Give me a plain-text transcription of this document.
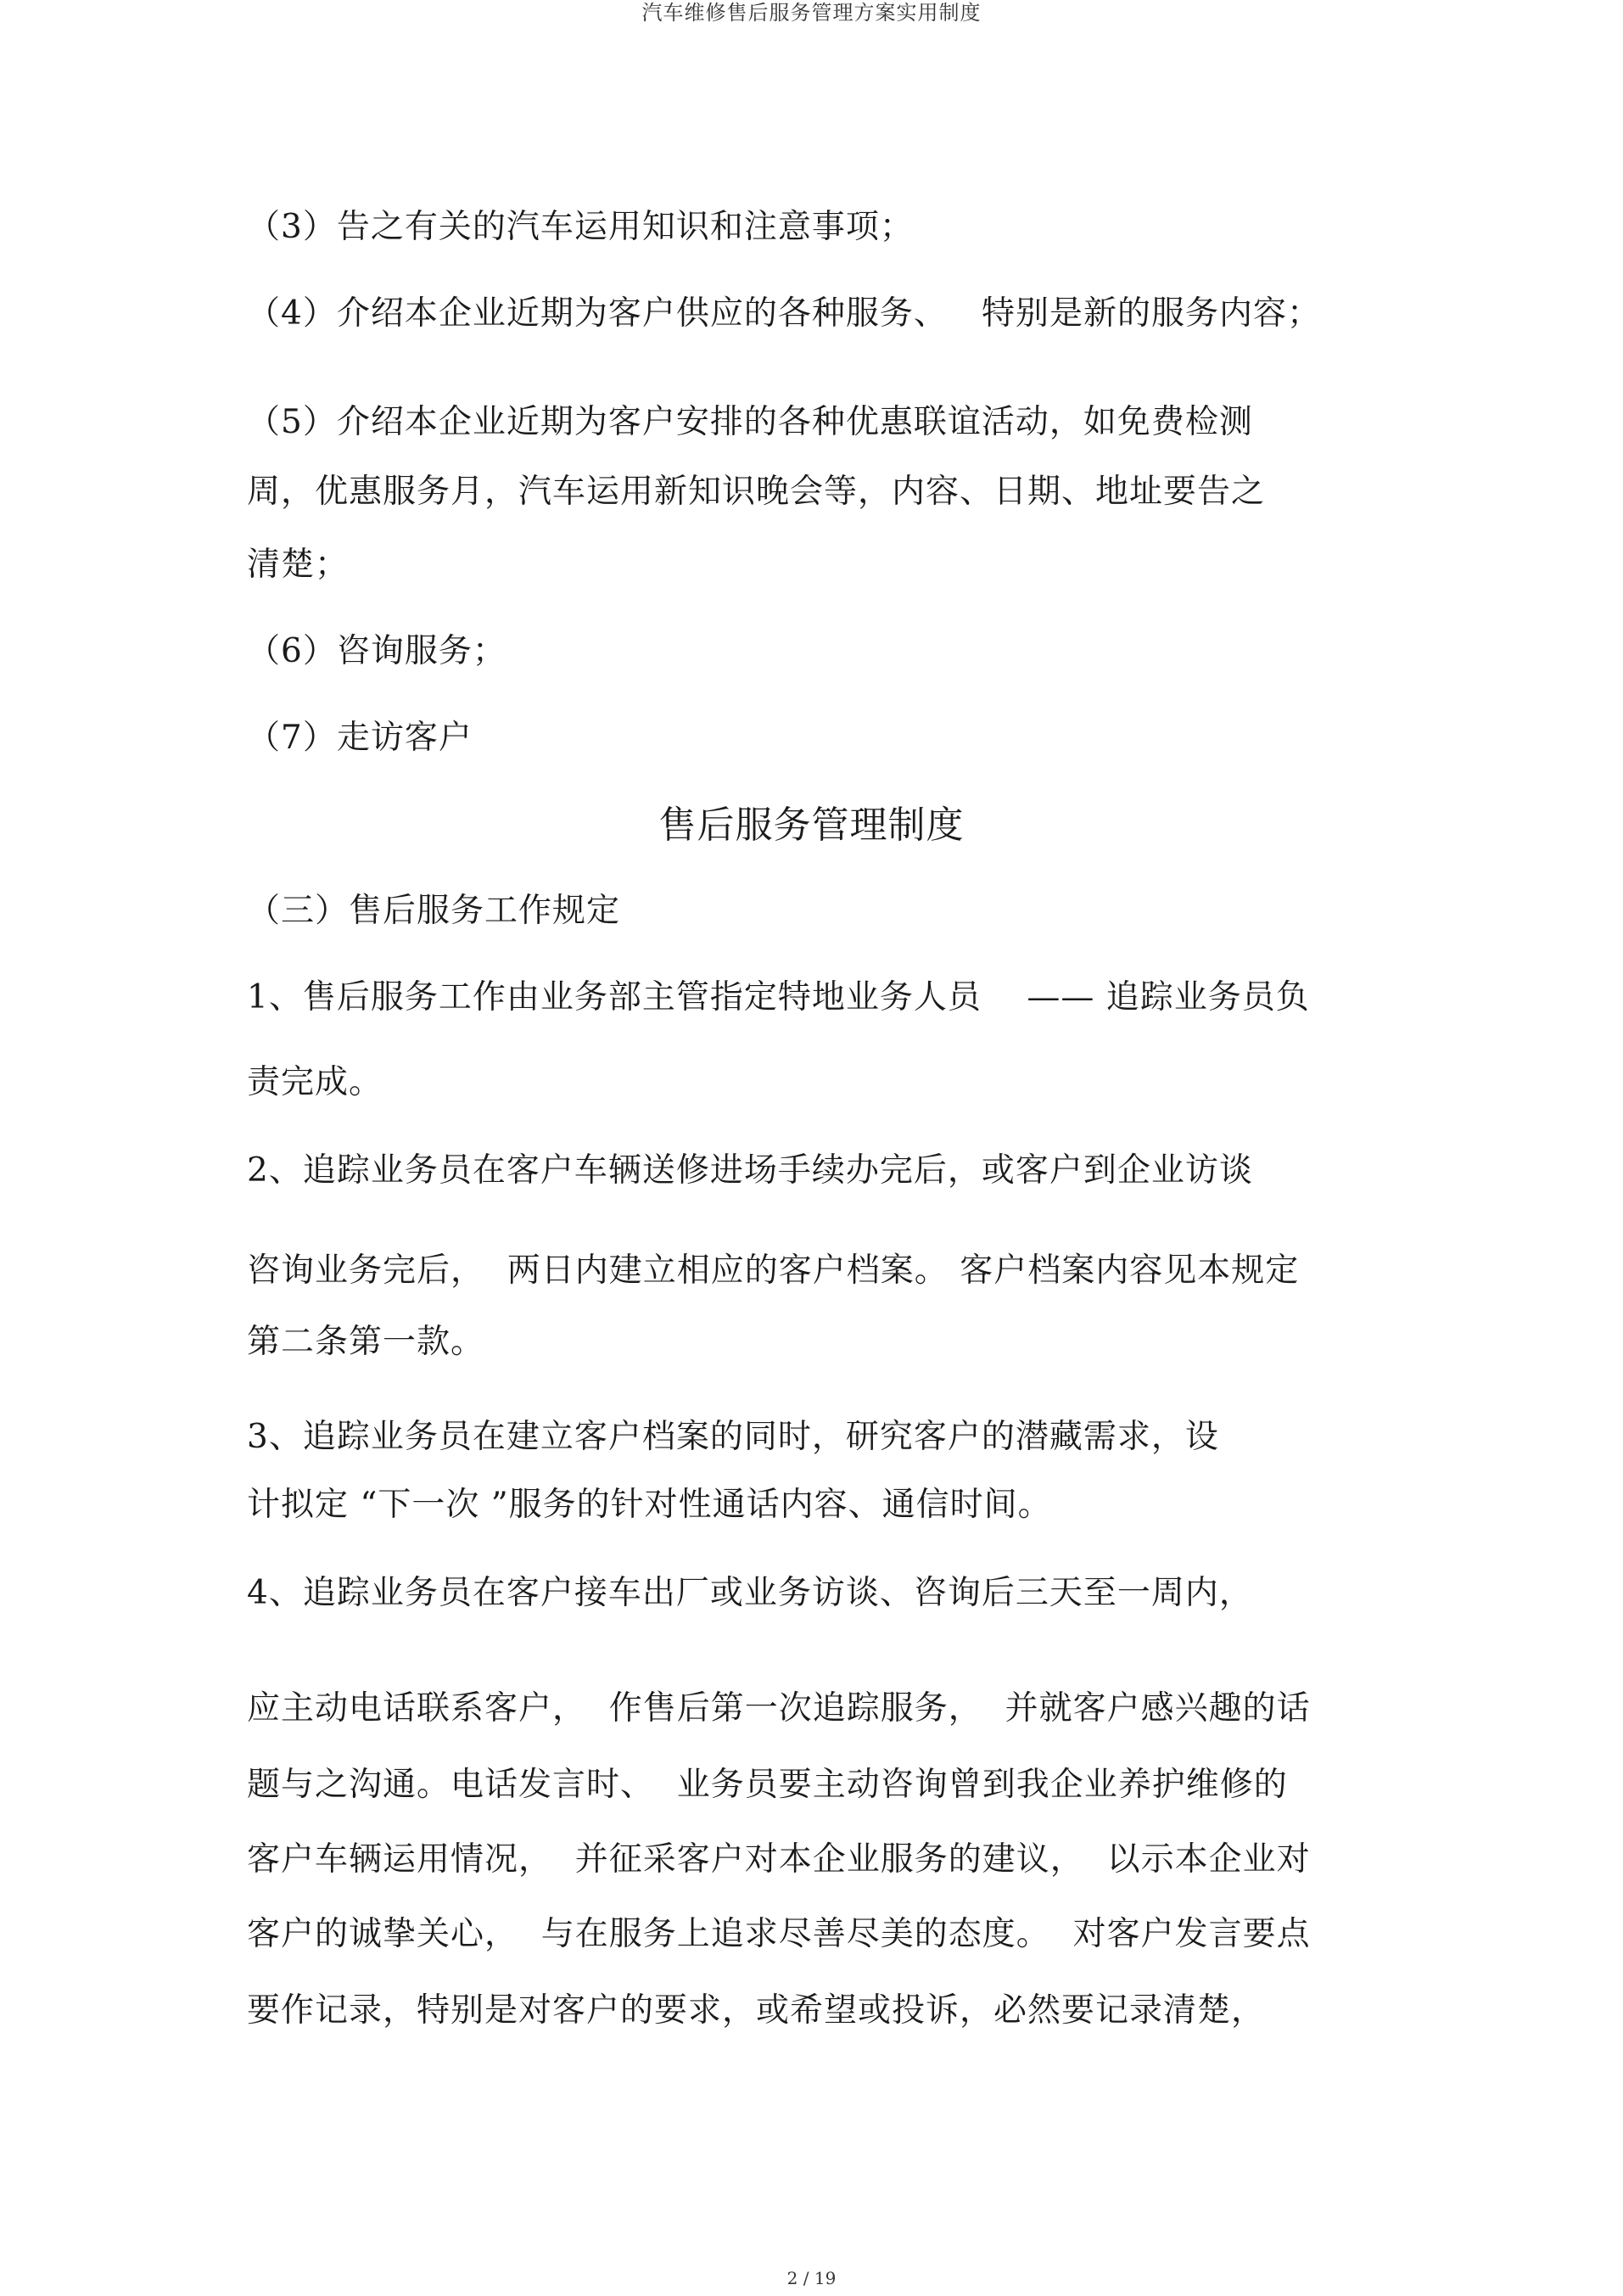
汽车维修售后服务管理方案实用制度
（3）告之有关的汽车运用知识和注意事项；
（4）介绍本企业近期为客户供应的各种服务、   特别是新的服务内容；
（5）介绍本企业近期为客户安排的各种优惠联谊活动，如免费检测
周，优惠服务月，汽车运用新知识晚会等，内容、日期、地址要告之
清楚；
（6）咨询服务；
（7）走访客户
售后服务管理制度
（三）售后服务工作规定
1、售后服务工作由业务部主管指定特地业务人员    —— 追踪业务员负
责完成。
2、追踪业务员在客户车辆送修进场手续办完后，或客户到企业访谈
咨询业务完后，  两日内建立相应的客户档案。 客户档案内容见本规定
第二条第一款。
3、追踪业务员在建立客户档案的同时，研究客户的潜藏需求，设
计拟定 “下一次 ”服务的针对性通话内容、通信时间。
4、追踪业务员在客户接车出厂或业务访谈、咨询后三天至一周内，
应主动电话联系客户，  作售后第一次追踪服务，  并就客户感兴趣的话
题与之沟通。电话发言时、  业务员要主动咨询曾到我企业养护维修的
客户车辆运用情况，  并征采客户对本企业服务的建议，  以示本企业对
客户的诚挚关心，  与在服务上追求尽善尽美的态度。  对客户发言要点
要作记录，特别是对客户的要求，或希望或投诉，必然要记录清楚，
2 / 19
